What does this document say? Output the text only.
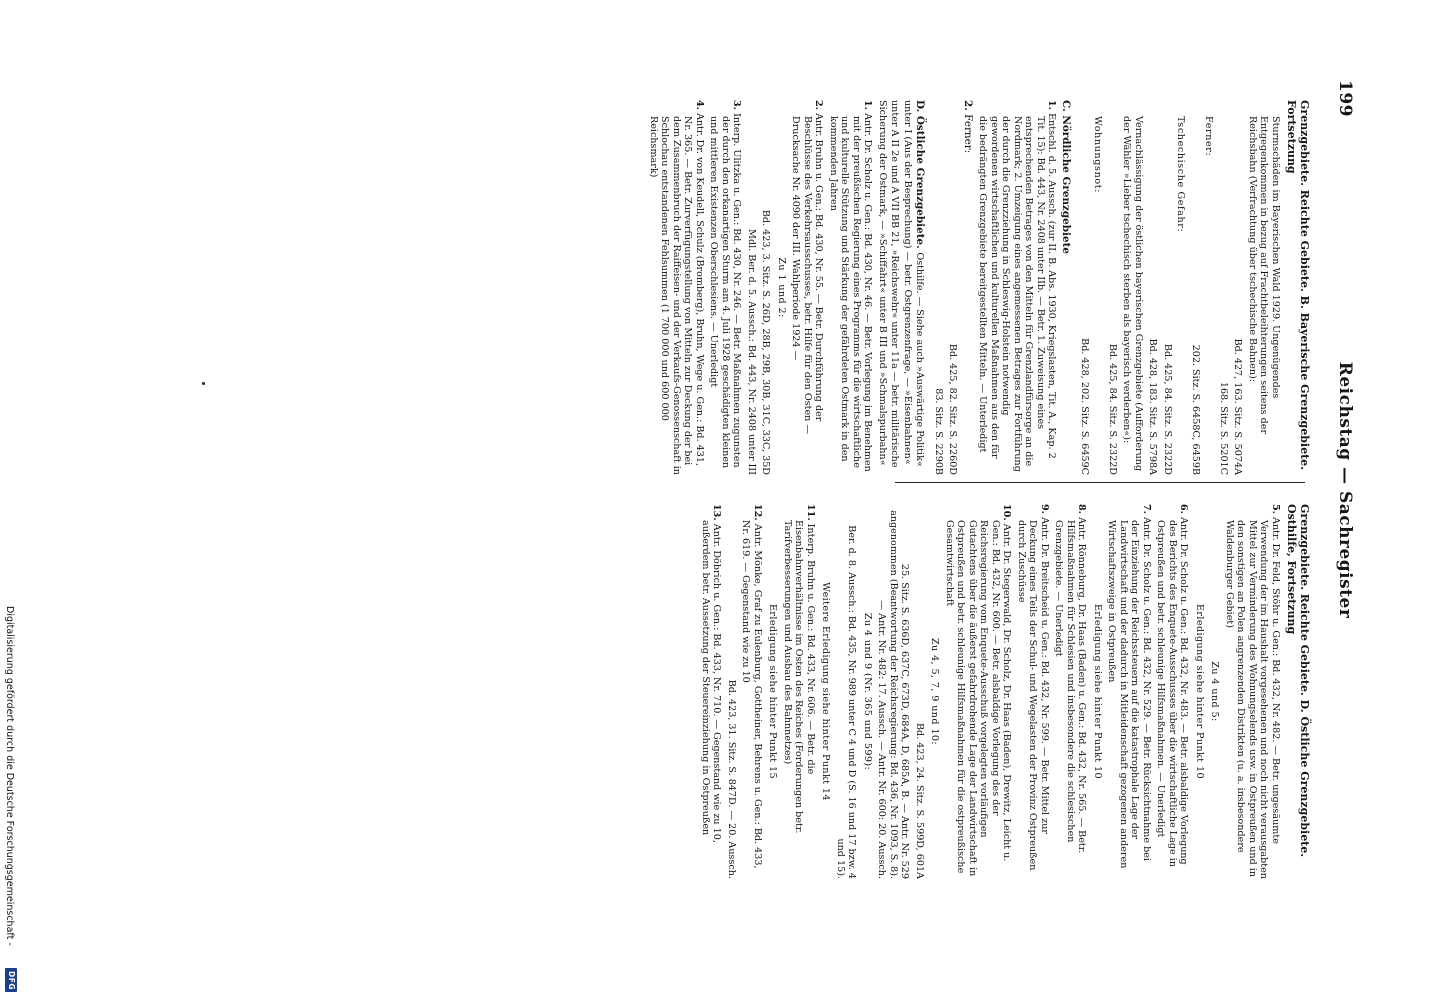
Reichstag — Sachregister
199

Grenzgebiete. Reichte Gebiete. B. Bayerische Grenzgebiete. Fortsetzung

Sturmschäden im Bayerischen Wald 1929. Ungenügendes Entgegenkommen in bezug auf Frachtbeleihterungen seitens der Reichsbahn (Verfrachtung über tschechische Bahnen):

Bd. 427, 163. Sitz. S. 5074A

168. Sitz. S. 5201C

Ferner:

202. Sitz. S. 6458C, 6459B

Tschechische Gefahr:

Bd. 425, 84. Sitz. S. 2322D

Bd. 428, 183. Sitz. S. 5798A

Vernachlässigung der östlichen bayerischen Grenzgebiete (Aufforderung der Wähler »Lieber tschechisch sterben als bayerisch verderben«):

Bd. 425, 84. Sitz. S. 2322D

Wohnungsnot:

Bd. 428, 202. Sitz. S. 6459C

C. Nördliche Grenzgebiete

1. Entschl. d. 5. Aussch. (zur II. B. Abs. 1930, Kriegslasten, Tit. A., Kap. 2 Tit. 15): Bd. 443, Nr. 2408 unter IIb. — Betr. 1. Zuweisung eines entsprechenden Betrages von den Mitteln für Grenzlandfürsorge an die Nordmark; 2. Umzeigung eines angemessenen Betrages zur Fortführung der durch die Grenzziehung in Schleswig-Holstein notwendig gewordenen wirtschaftlichen und kulturellen Maßnahmen aus den für die bedrängten Grenzgebiete bereitgestellten Mitteln. — Unterledigt

2. Ferner:

Bd. 425, 82. Sitz. S. 2260D

83. Sitz. S. 2290B

D. Östliche Grenzgebiete. Osthilfe. — Siehe auch »Auswärtige Politik« unter I (Aus der Besprechung) — betr. Ostgrenzenfrage, — »Eisenbahnen« unter A II 2e und A VII BB 21, »Reichswehr« unter 11a — betr. militärische Sicherung der Ostmark, — »Schiffahrt« unter B III und »Schmalspurbahn«

1. Antr. Dr. Scholz u. Gen.: Bd. 430, Nr. 46. — Betr. Vorlegung im Benehmen mit der preußischen Regierung eines Programms für die wirtschaftliche und kulturelle Stützung und Stärkung der gefährdeten Ostmark in den kommenden Jahren

2. Antr. Bruhn u. Gen.: Bd. 430, Nr. 55. — Betr. Durchführung der Beschlüsse des Verkehrsausschusses, betr. Hilfe für den Osten — Drucksache Nr. 4090 der III. Wahlperiode 1924 —

Zu 1 und 2:

Bd. 423, 3. Sitz. S. 26D, 28B, 29B, 30B, 31C, 33C, 35D

Mdl. Ber. d. 5. Aussch.: Bd. 443, Nr. 2408 unter III

3. Interp. Ulitzka u. Gen.: Bd. 430, Nr. 246. — Betr. Maßnahmen zugunsten der durch den orkanartigen Sturm am 4. Juli 1928 geschädigten kleinen und mittleren Existenzen Oberschlesiens. — Unerledigt

4. Antr. Dr. von Keudell, Schulz (Bromberg), Bruhn, Wege u. Gen.: Bd. 431, Nr. 365. — Betr. Zurverfügungstellung von Mitteln zur Deckung der bei dem Zusammenbruch der Raiffeisen- und der Verkaufs-Genossenschaft in Schlochau entstandenen Fehlsummen (1 700 000 und 600 000 Reichsmark)

Grenzgebiete. Reichte Gebiete. D. Östliche Grenzgebiete. Osthilfe, Fortsetzung

5. Antr. Dr. Feld, Stöhr u. Gen.: Bd. 432, Nr. 482. — Betr. ungesäumte Verwendung der im Haushalt vorgesehenen und noch nicht verausgabten Mittel zur Verminderung des Wohnungselends usw. in Ostpreußen und in den sonstigen an Polen angrenzenden Distrikten (u. a. insbesondere Waldenburger Gebiet)

Zu 4 und 5:

Erledigung siehe hinter Punkt 10

6. Antr. Dr. Scholz u. Gen.: Bd. 432, Nr. 483. — Betr. alsbaldige Vorlegung des Berichts des Enquete-Ausschusses über die wirtschaftliche Lage in Ostpreußen und betr. schleunige Hilfsmaßnahmen. — Unerledigt

7. Antr. Dr. Scholz u. Gen.: Bd. 432, Nr. 529. — Betr. Rücksichtnahme bei der Einziehung der Reichssteuern auf die katastrophale Lage der Landwirtschaft und der dadurch in Mitleidenschaft gezogenen anderen Wirtschaftszweige in Ostpreußen

Erledigung siehe hinter Punkt 10

8. Antr. Rönneburg, Dr. Haas (Baden) u. Gen.: Bd. 432, Nr. 565. — Betr. Hilfsmaßnahmen für Schlesien und insbesondere die schlesischen Grenzgebiete. — Unerledigt

9. Antr. Dr. Breitscheid u. Gen.: Bd. 432, Nr. 599. — Betr. Mittel zur Deckung eines Teils der Schul- und Wegelasten der Provinz Ostpreußen durch Zuschüsse

10. Antr. Dr. Stegerwald, Dr. Scholz, Dr. Haas (Baden), Drewitz, Leicht u. Gen.: Bd. 432, Nr. 600. — Betr. alsbaldige Vorlegung des der Reichsregierung vom Enquete-Ausschuß vorgelegten vorläufigen Gutachtens über die äußerst gefahrdrohende Lage der Landwirtschaft in Ostpreußen und betr. schleunige Hilfsmaßnahmen für die ostpreußische Gesamtwirtschaft

Zu 4, 5, 7, 9 und 10:

Bd. 423, 24. Sitz. S. 599D, 601A

25. Sitz. S. 636D, 637C, 673D, 684A, D, 685A, B. — Antr. Nr. 529 angenommen (Beantwortung der Reichsregierung: Bd. 436, Nr. 1093, S. 8). — Antr. Nr. 482: 17. Aussch. — Antr. Nr. 600: 20. Aussch.

Zu 4 und 9 (Nr. 365 und 599):

Ber. d. 8. Aussch.: Bd. 435, Nr. 989 unter C 4 und D (S. 16 und 17 bzw. 4 und 15).

Weitere Erledigung siehe hinter Punkt 14

11. Interp. Bruhn u. Gen.: Bd. 433, Nr. 606. — Betr. die Eisenbahnverhältnisse im Osten des Reiches (Forderungen betr. Tarifverbesserungen und Ausbau des Bahnnetzes)

Erledigung siehe hinter Punkt 15

12. Antr. Mönke, Graf zu Eulenburg, Gottheiner, Behrens u. Gen.: Bd. 433, Nr. 619. — Gegenstand wie zu 10

Bd. 423, 31. Sitz. S. 847D. — 20. Aussch.

13. Antr. Döbrich u. Gen.: Bd. 433, Nr. 710. — Gegenstand wie zu 10, außerdem betr. Aussetzung der Steuereinziehung in Ostpreußen

Digitalisierung gefördert durch die Deutsche Forschungsgemeinschaft -
DFG
